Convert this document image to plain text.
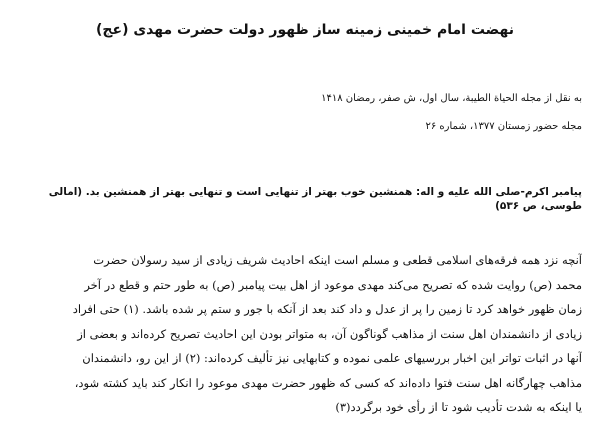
نهضت امام خمینی زمینه ساز ظهور دولت حضرت مهدی (عج)

به نقل از مجله الحیاة الطیبة، سال اول، ش صفر، رمضان ۱۴۱۸

مجله حضور زمستان ۱۳۷۷، شماره ۲۶

پیامبر اکرم-صلی الله علیه و اله: همنشین خوب بهتر از تنهایی است و تنهایی بهتر از همنشین بد. (امالی طوسی، ص ۵۳۶)

آنچه نزد همه فرقه‌های اسلامی قطعی و مسلم است اینکه احادیث شریف زیادی از سید رسولان حضرت
محمد (ص) روایت شده که تصریح می‌کند مهدی موعود از اهل بیت پیامبر (ص) به طور حتم و قطع در آخر
زمان ظهور خواهد کرد تا زمین را پر از عدل و داد کند بعد از آنکه با جور و ستم پر شده باشد. (۱) حتی افراد
زیادی از دانشمندان اهل سنت از مذاهب گوناگون آن، به متواتر بودن این احادیث تصریح کرده‌اند و بعضی از
آنها در اثبات تواتر این اخبار بررسیهای علمی نموده و کتابهایی نیز تألیف کرده‌اند: (۲) از این رو، دانشمندان
مذاهب چهارگانه اهل سنت فتوا داده‌اند که کسی که ظهور حضرت مهدی موعود را انکار کند باید کشته شود،
یا اینکه به شدت تأدیب شود تا از رأی خود برگردد(۳)
